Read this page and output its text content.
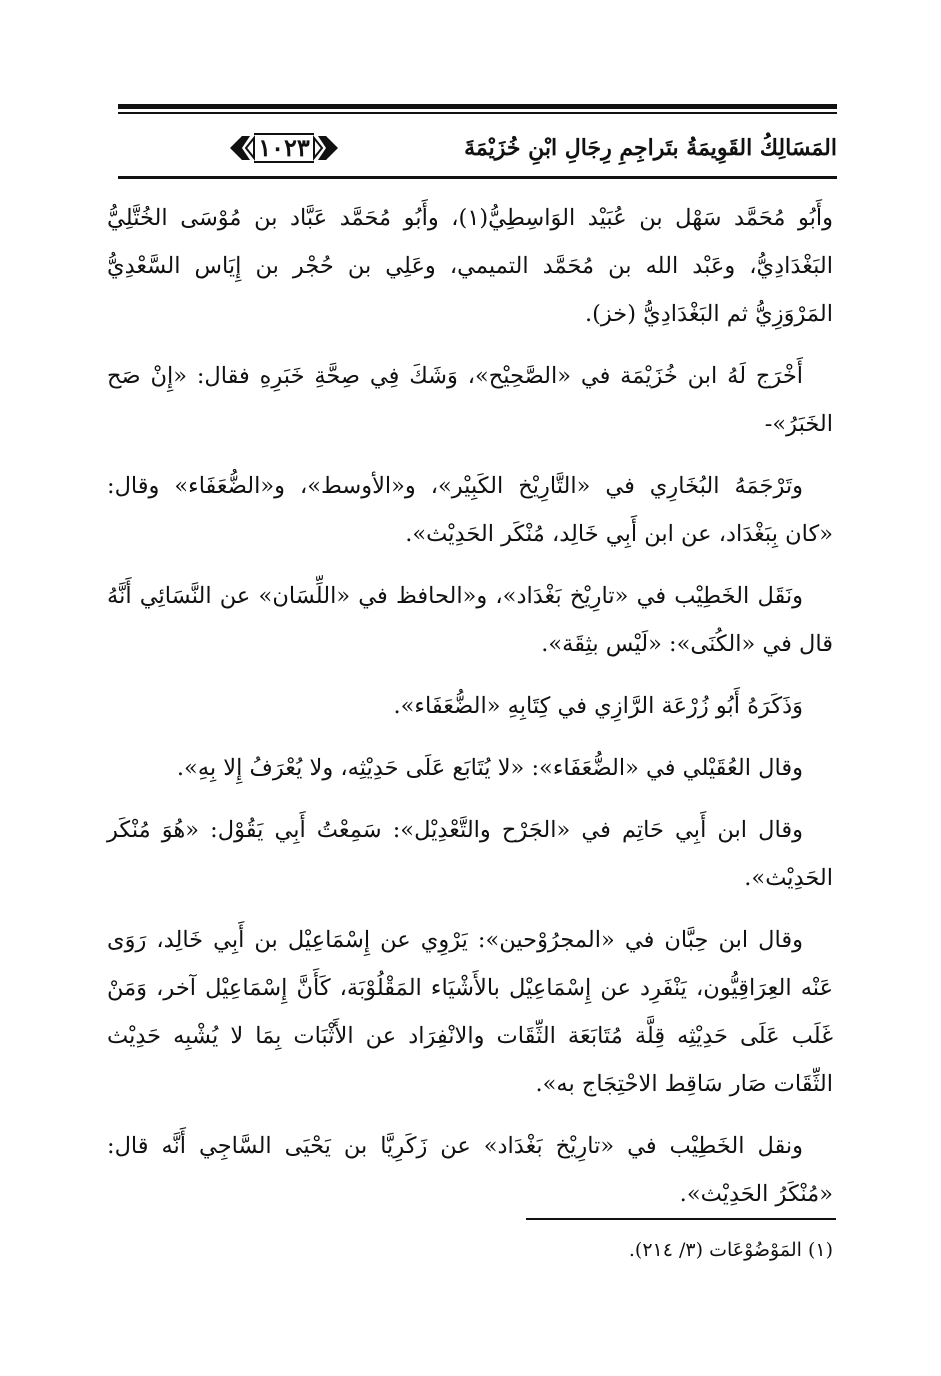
المَسَالِكُ القَوِيمَةُ بتَراجِمِ رِجَالِ ابْنِ خُزَيْمَةَ
١٠٢٣

وأَبُو مُحَمَّد سَهْل بن عُبَيْد الوَاسِطِيُّ(١)، وأَبُو مُحَمَّد عَبَّاد بن مُوْسَى الخُتَّلِيُّ البَغْدَادِيُّ، وعَبْد الله بن مُحَمَّد التميمي، وعَلِي بن حُجْر بن إِيَاس السَّعْدِيُّ المَرْوَزِيُّ ثم البَغْدَادِيُّ (خز).

أَخْرَج لَهُ ابن خُزَيْمَة في «الصَّحِيْح»، وَشَكَ فِي صِحَّةِ خَبَرِهِ فقال: «إِنْ صَح الخَبَرُ»-

وتَرْجَمَهُ البُخَارِي في «التَّارِيْخ الكَبِيْر»، و«الأوسط»، و«الضُّعَفَاء» وقال: «كان بِبَغْدَاد، عن ابن أَبِي خَالِد، مُنْكَر الحَدِيْث».

ونَقَل الخَطِيْب في «تارِيْخ بَغْدَاد»، و«الحافظ في «اللِّسَان» عن النَّسَائِي أَنَّهُ قال في «الكُنَى»: «لَيْس بثِقَة».

وَذَكَرَهُ أَبُو زُرْعَة الرَّازِي في كِتَابِهِ «الضُّعَفَاء».

وقال العُقَيْلي في «الضُّعَفَاء»: «لا يُتَابَع عَلَى حَدِيْثِه، ولا يُعْرَفُ إِلا بِهِ».

وقال ابن أَبِي حَاتِم في «الجَرْح والتَّعْدِيْل»: سَمِعْتُ أَبِي يَقُوْل: «هُوَ مُنْكَر الحَدِيْث».

وقال ابن حِبَّان في «المجرُوْحين»: يَرْوِي عن إِسْمَاعِيْل بن أَبِي خَالِد، رَوَى عَنْه العِرَاقِيُّون، يَنْفَرِد عن إِسْمَاعِيْل بالأَشْيَاء المَقْلُوْبَة، كَأَنَّ إِسْمَاعِيْل آخر، وَمَنْ غَلَب عَلَى حَدِيْثِه قِلَّة مُتَابَعَة الثِّقَات والانْفِرَاد عن الأَثْبَات بِمَا لا يُشْبِه حَدِيْث الثِّقَات صَار سَاقِط الاحْتِجَاج به».

ونقل الخَطِيْب في «تارِيْخ بَغْدَاد» عن زَكَرِيَّا بن يَحْيَى السَّاجِي أَنَّه قال: «مُنْكَرُ الحَدِيْث».

(١) المَوْضُوْعَات (٣/ ٢١٤).
